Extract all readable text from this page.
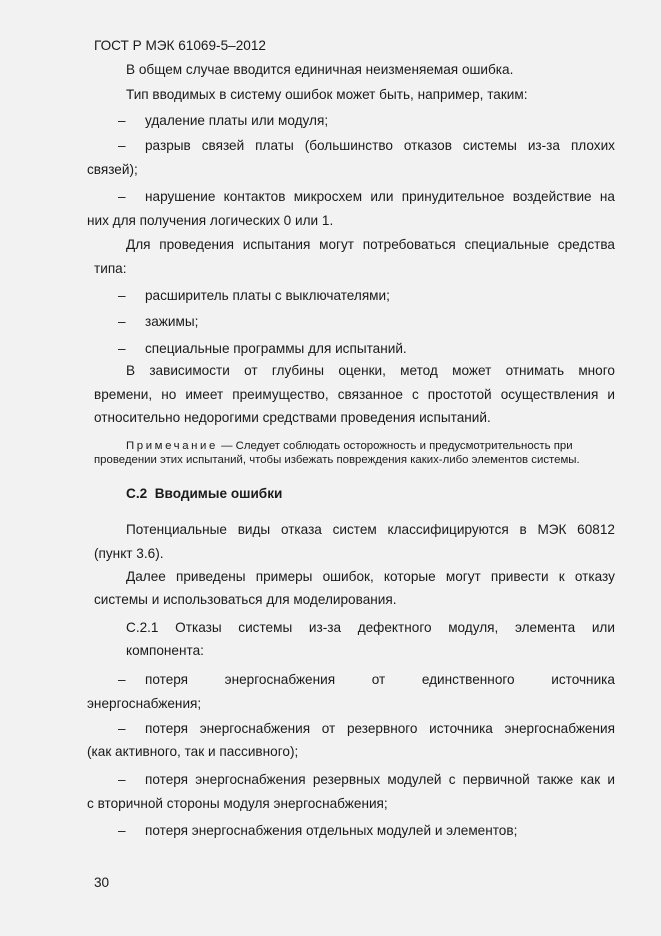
ГОСТ Р МЭК 61069-5–2012
В общем случае вводится единичная неизменяемая ошибка.
Тип вводимых в систему ошибок может быть, например, таким:
– удаление платы или модуля;
– разрыв связей платы (большинство отказов системы из-за плохих
связей);
– нарушение контактов микросхем или принудительное воздействие на
них для получения логических 0 или 1.
Для проведения испытания могут потребоваться специальные средства
типа:
– расширитель платы с выключателями;
– зажимы;
– специальные программы для испытаний.
В зависимости от глубины оценки, метод может отнимать много
времени, но имеет преимущество, связанное с простотой осуществления и
относительно недорогими средствами проведения испытаний.
Примечание — Следует соблюдать осторожность и предусмотрительность при
проведении этих испытаний, чтобы избежать повреждения каких-либо элементов системы.
C.2  Вводимые ошибки
Потенциальные виды отказа систем классифицируются в МЭК 60812
(пункт 3.6).
Далее приведены примеры ошибок, которые могут привести к отказу
системы и использоваться для моделирования.
C.2.1 Отказы системы из-за дефектного модуля, элемента или
компонента:
– потеря	энергоснабжения	от	единственного	источника
энергоснабжения;
– потеря энергоснабжения от резервного источника энергоснабжения
(как активного, так и пассивного);
– потеря энергоснабжения резервных модулей с первичной также как и
с вторичной стороны модуля энергоснабжения;
– потеря энергоснабжения отдельных модулей и элементов;
30
